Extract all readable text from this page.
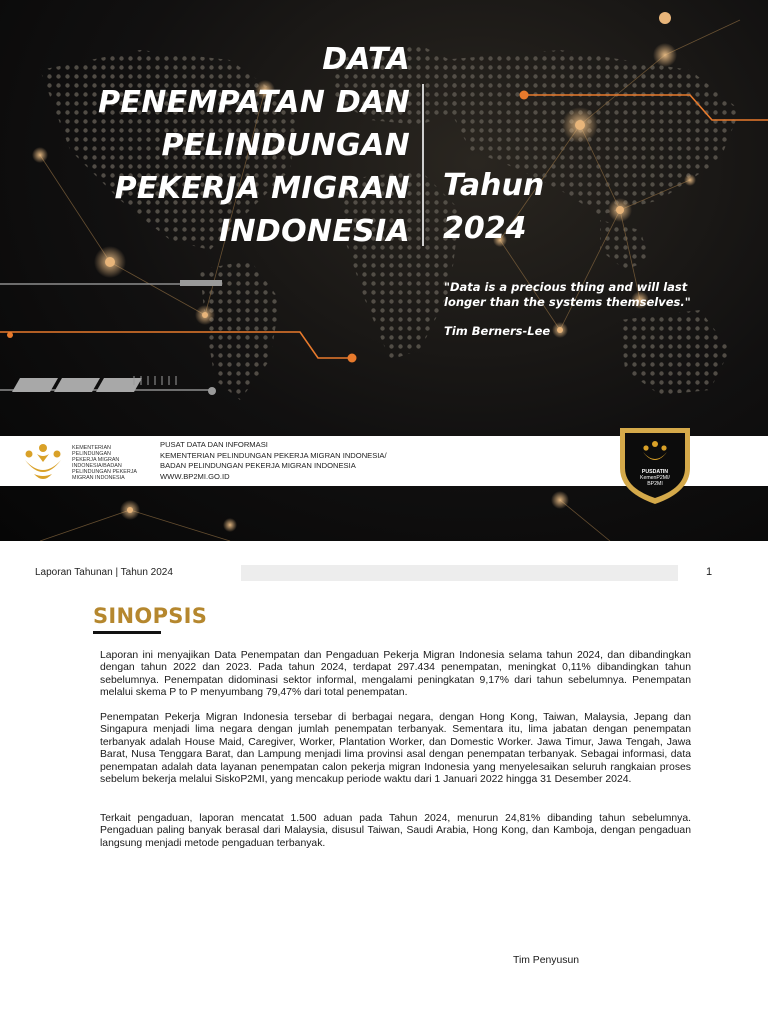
DATA
PENEMPATAN DAN
PELINDUNGAN
PEKERJA MIGRAN
INDONESIA
Tahun
2024
"Data is a precious thing and will last longer than the systems themselves."
Tim Berners-Lee
KEMENTERIAN
PELINDUNGAN
PEKERJA MIGRAN
INDONESIA/BADAN
PELINDUNGAN PEKERJA
MIGRAN INDONESIA
PUSAT DATA DAN INFORMASI
KEMENTERIAN PELINDUNGAN PEKERJA MIGRAN INDONESIA/
BADAN PELINDUNGAN PEKERJA MIGRAN INDONESIA
WWW.BP2MI.GO.ID	PUSDATIN
KemenP2MI/
BP2MI
Laporan Tahunan | Tahun 2024	1
SINOPSIS

Laporan ini menyajikan Data Penempatan dan Pengaduan Pekerja Migran Indonesia selama tahun 2024, dan dibandingkan dengan tahun 2022 dan 2023. Pada tahun 2024, terdapat 297.434 penempatan, meningkat 0,11% dibandingkan tahun sebelumnya. Penempatan didominasi sektor informal, mengalami peningkatan 9,17% dari tahun sebelumnya. Penempatan melalui skema P to P menyumbang 79,47% dari total penempatan.

Penempatan Pekerja Migran Indonesia tersebar di berbagai negara, dengan Hong Kong, Taiwan, Malaysia, Jepang dan Singapura menjadi lima negara dengan jumlah penempatan terbanyak. Sementara itu, lima jabatan dengan penempatan terbanyak adalah House Maid, Caregiver, Worker, Plantation Worker, dan Domestic Worker. Jawa Timur, Jawa Tengah, Jawa Barat, Nusa Tenggara Barat, dan Lampung menjadi lima provinsi asal dengan penempatan terbanyak. Sebagai informasi, data penempatan adalah data layanan penempatan calon pekerja migran Indonesia yang menyelesaikan seluruh rangkaian proses sebelum bekerja melalui SiskoP2MI, yang mencakup periode waktu dari 1 Januari 2022 hingga 31 Desember 2024.

Terkait pengaduan, laporan mencatat 1.500 aduan pada Tahun 2024, menurun 24,81% dibanding tahun sebelumnya. Pengaduan paling banyak berasal dari Malaysia, disusul Taiwan, Saudi Arabia, Hong Kong, dan Kamboja, dengan pengaduan langsung menjadi metode pengaduan terbanyak.

Tim Penyusun
